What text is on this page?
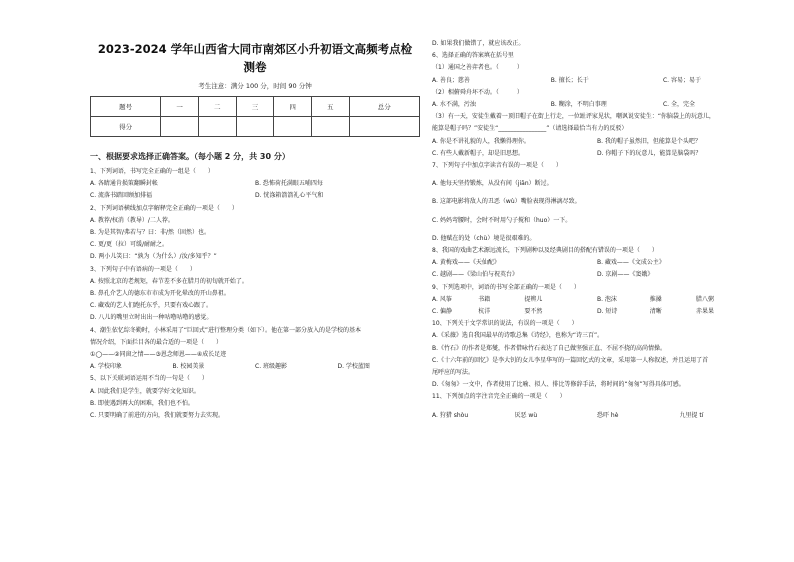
2023-2024 学年山西省大同市南郊区小升初语文高频考点检
测卷
考生注意：满分 100 分，时间 90 分钟
题号	一	二	三	四	五	总分
得分						
一、根据要求选择正确答案。（每小题 2 分，共 30 分）
1、下列词语，书写完全正确的一组是（　　）
A. 各睛通肯损策翻瞬封帐	B. 恐怖荷托满眼五哺四每
C. 流落书踏回顾加排福	D. 恍涤箱箭箭礼心平气和
2、下列词语横线加点字解释完全正确的一项是（　　）
A. 教荐/权消（教导）/二人荐。
B. 为是其智/弗若与？曰：非/然（固然）也。
C. 更/更（拉）可缓/耐耐之。
D. 两小儿笑曰：“孰为（为什么）/汝/多知乎？”
3、下列句子中有语病的一项是（　　）
A. 按照北京的老规矩，春节差不多在腊月的初旬就开始了。
B. 鼻孔介艺人的德东市市成为开化晕改的开山鼻祖。
C. 藏戏的艺人们跑托东乎，只要有戏心跟了。
D. 八儿的嘴里立时出出一种咕噜咕噜的感觉。
4、潮生依忆综冬勤时，小林采用了“巨回式”进行整理分类（如下）。他在第一部分放入的是学校的基本
情况介绍，下面拦目各的最合适的一项是（　　）
①◯——②同窗之情——③恩念师恩——④成长足迹
A. 学校印象	B. 校园美景	C. 班级趣影	D. 学校蓝图
5、以下关联词语运用不当的一句是（　　）
A. 因此我们是学生，就要学好文化知识。
B. 即使遇到再大的困难，我们也不怕。
C. 只要明确了前进的方向，我们就要努力去实现。
D. 如果我们做错了，就应该改正。
6、选择正确的答案填在括号里
（1）通国之善弈者也。（　　　）
A. 善良；慈善	B. 擅长；长于	C. 容易；易于
（2）相俯舜舟坏不动。（　　　）
A. 水不满，污浊	B. 糊涂，不明白事理	C. 全，完全
（3）有一天，安徒生戴着一顶旧帽子在街上行走，一位趾评家见状，嘲讽说安徒生：“你脑袋上的玩意儿，
能算是帽子吗？”安徒生“________________”（请选择最恰当有力的反驳）
A. 你是不讲礼貌的人，我懒得理你。	B. 我的帽子虽然旧，但能算是个头吧？
C. 有些人戴新帽子，却是旧思想。	D. 你帽子下的玩意儿，能算是脑袋吗？
7、下列句子中加点字读音有误的一项是（　　）
A. 他每天坚持锻炼，从没有间（jiān）断过。
B. 这部电影将敌人的丑恶（wù）嘴脸表现得淋漓尽致。
C. 妈妈弯腰时，会时不时用勺子搅和（huo）一下。
D. 他赋在的处（chù）境是很艰难的。
8、我国的戏曲艺术源远流长，下列剧种以及经典剧目的搭配有错误的一项是（　　）
A. 黄梅戏——《天仙配》	B. 藏戏——《文成公主》
C. 越剧——《梁山伯与祝英台》	D. 京剧——《窦娥》
9、下列选项中，词语的书写全部正确的一项是（　　）
A. 风筝	书籍	提辨儿	B. 泡沫	推搡	腊八粥
C. 偏静	杭洋	要不然	D. 短诗	清晰	赤果果
10、下列关于文学常识的说法，有误的一项是（　　）
A.《采薇》选自我国最早的诗歌总集《诗经》，也称为“诗三百”。
B.《竹石》的作者是郑燮，作者借咏竹石表达了自己做坚强正直、不屈不挠的高尚情操。
C.《十六年前的回忆》是李大钊的女儿李星华写的一篇回忆式的文章，采用第一人称叙述，并且运用了首
尾呼应的写法。
D.《匆匆》一文中，作者使用了比喻、拟人、排比等修辞手法，将时间的“匆匆”写得具体可感。
11、下列加点的字注音完全正确的一项是（　　）
A. 狩猎 shòu	厌恶 wù	恐吓 hè	九里提 tí
